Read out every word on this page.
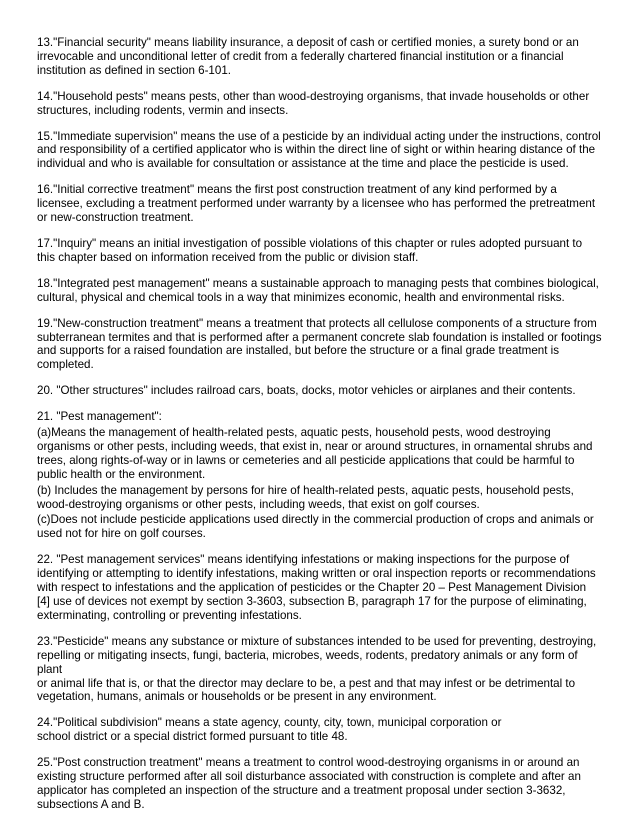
13."Financial security" means liability insurance, a deposit of cash or certified monies, a surety bond or an
irrevocable and unconditional letter of credit from a federally chartered financial institution or a financial
institution as defined in section 6-101.

14."Household pests" means pests, other than wood-destroying organisms, that invade households or other
structures, including rodents, vermin and insects.

15."Immediate supervision" means the use of a pesticide by an individual acting under the instructions, control
and responsibility of a certified applicator who is within the direct line of sight or within hearing distance of the
individual and who is available for consultation or assistance at the time and place the pesticide is used.

16."Initial corrective treatment" means the first post construction treatment of any kind performed by a
licensee, excluding a treatment performed under warranty by a licensee who has performed the pretreatment
or new-construction treatment.

17."Inquiry" means an initial investigation of possible violations of this chapter or rules adopted pursuant to
this chapter based on information received from the public or division staff.

18."Integrated pest management" means a sustainable approach to managing pests that combines biological,
cultural, physical and chemical tools in a way that minimizes economic, health and environmental risks.

19."New-construction treatment" means a treatment that protects all cellulose components of a structure from
subterranean termites and that is performed after a permanent concrete slab foundation is installed or footings
and supports for a raised foundation are installed, but before the structure or a final grade treatment is
completed.

20. "Other structures" includes railroad cars, boats, docks, motor vehicles or airplanes and their contents.

21. "Pest management":

(a)Means the management of health-related pests, aquatic pests, household pests, wood destroying
organisms or other pests, including weeds, that exist in, near or around structures, in ornamental shrubs and
trees, along rights-of-way or in lawns or cemeteries and all pesticide applications that could be harmful to
public health or the environment.

(b) Includes the management by persons for hire of health-related pests, aquatic pests, household pests,
wood-destroying organisms or other pests, including weeds, that exist on golf courses.

(c)Does not include pesticide applications used directly in the commercial production of crops and animals or
used not for hire on golf courses.

22. "Pest management services" means identifying infestations or making inspections for the purpose of
identifying or attempting to identify infestations, making written or oral inspection reports or recommendations
with respect to infestations and the application of pesticides or the Chapter 20 – Pest Management Division
[4] use of devices not exempt by section 3-3603, subsection B, paragraph 17 for the purpose of eliminating,
exterminating, controlling or preventing infestations.

23."Pesticide" means any substance or mixture of substances intended to be used for preventing, destroying,
repelling or mitigating insects, fungi, bacteria, microbes, weeds, rodents, predatory animals or any form of plant
or animal life that is, or that the director may declare to be, a pest and that may infest or be detrimental to
vegetation, humans, animals or households or be present in any environment.

24."Political subdivision" means a state agency, county, city, town, municipal corporation or
school district or a special district formed pursuant to title 48.

25."Post construction treatment" means a treatment to control wood-destroying organisms in or around an
existing structure performed after all soil disturbance associated with construction is complete and after an
applicator has completed an inspection of the structure and a treatment proposal under section 3-3632,
subsections A and B.
